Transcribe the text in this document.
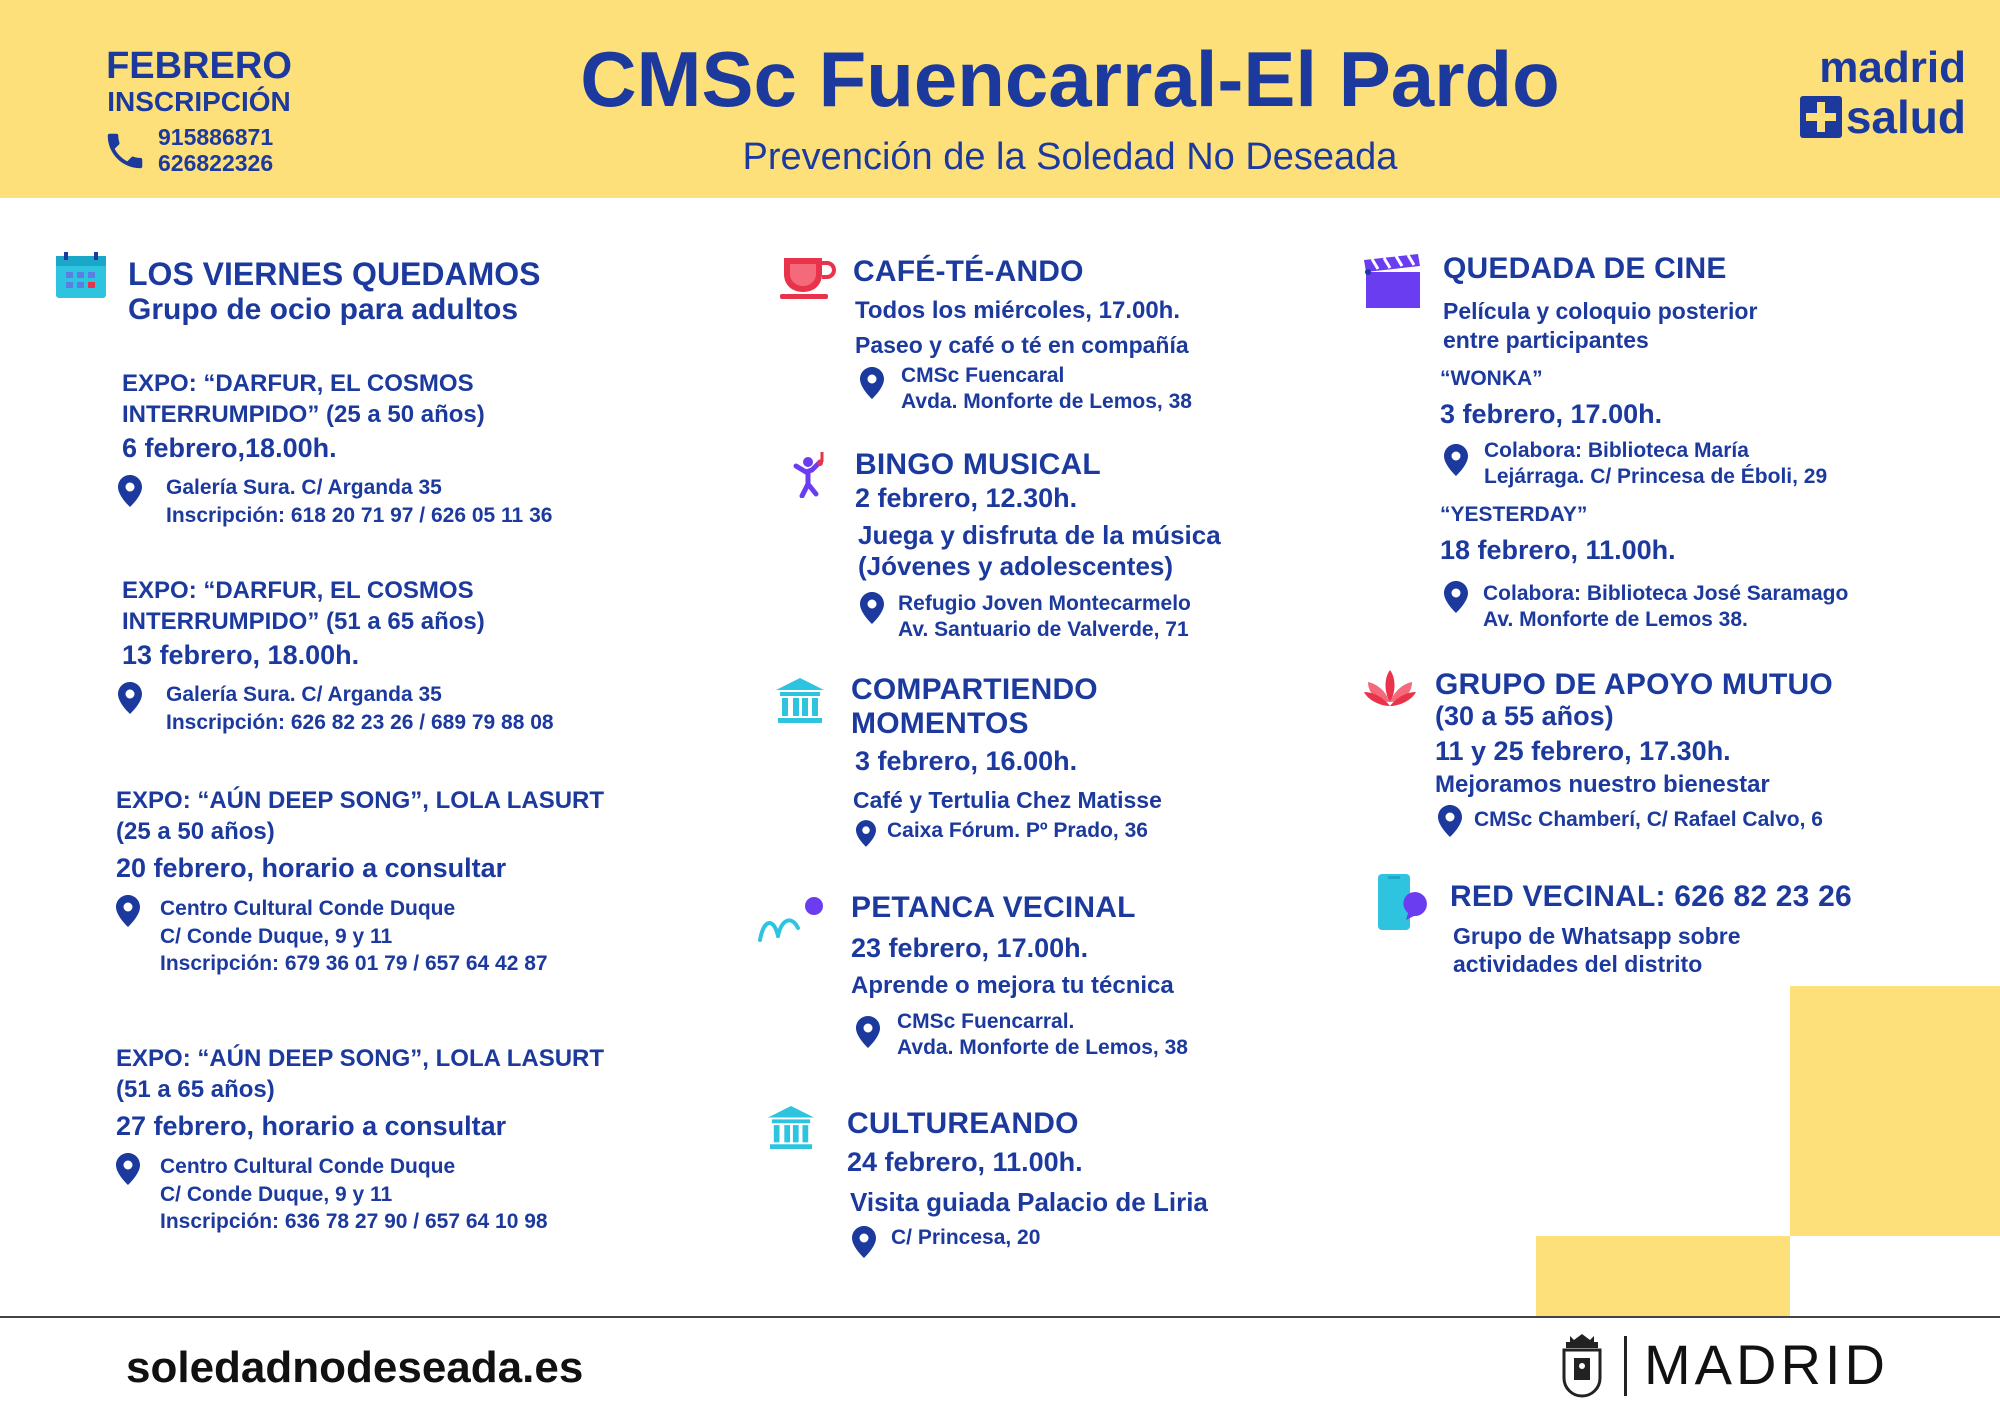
FEBRERO
INSCRIPCIÓN
915886871
626822326
CMSc Fuencarral-El Pardo
Prevención de la Soledad No Deseada
madrid
salud
LOS VIERNES QUEDAMOS
Grupo de ocio para adultos
EXPO: “DARFUR, EL COSMOS
INTERRUMPIDO” (25 a 50 años)
6 febrero,18.00h.
Galería Sura. C/ Arganda 35
Inscripción: 618 20 71 97 / 626 05 11 36
EXPO: “DARFUR, EL COSMOS
INTERRUMPIDO” (51 a 65 años)
13 febrero, 18.00h.
Galería Sura. C/ Arganda 35
Inscripción: 626 82 23 26 / 689 79 88 08
EXPO: “AÚN DEEP SONG”, LOLA LASURT
(25 a 50 años)
20 febrero, horario a consultar
Centro Cultural Conde Duque
C/ Conde Duque, 9 y 11
Inscripción: 679 36 01 79 / 657 64 42 87
EXPO: “AÚN DEEP SONG”, LOLA LASURT
(51 a 65 años)
27 febrero, horario a consultar
Centro Cultural Conde Duque
C/ Conde Duque, 9 y 11
Inscripción: 636 78 27 90 / 657 64 10 98
CAFÉ-TÉ-ANDO
Todos los miércoles, 17.00h.
Paseo y café o té en compañía
CMSc Fuencaral
Avda. Monforte de Lemos, 38
BINGO MUSICAL
2 febrero, 12.30h.
Juega y disfruta de la música
(Jóvenes y adolescentes)
Refugio Joven Montecarmelo
Av. Santuario de Valverde, 71
COMPARTIENDO
MOMENTOS
3 febrero, 16.00h.
Café y Tertulia Chez Matisse
Caixa Fórum. Pº Prado, 36
PETANCA VECINAL
23 febrero, 17.00h.
Aprende o mejora tu técnica
CMSc Fuencarral.
Avda. Monforte de Lemos, 38
CULTUREANDO
24 febrero, 11.00h.
Visita guiada Palacio de Liria
C/ Princesa, 20
QUEDADA DE CINE
Película y coloquio posterior
entre participantes
“WONKA”
3 febrero, 17.00h.
Colabora: Biblioteca María
Lejárraga. C/ Princesa de Éboli, 29
“YESTERDAY”
18 febrero, 11.00h.
Colabora: Biblioteca José Saramago
Av. Monforte de Lemos 38.
GRUPO DE APOYO MUTUO
(30 a 55 años)
11 y 25 febrero, 17.30h.
Mejoramos nuestro bienestar
CMSc Chamberí, C/ Rafael Calvo, 6
RED VECINAL: 626 82 23 26
Grupo de Whatsapp sobre
actividades del distrito
soledadnodeseada.es	MADRID
